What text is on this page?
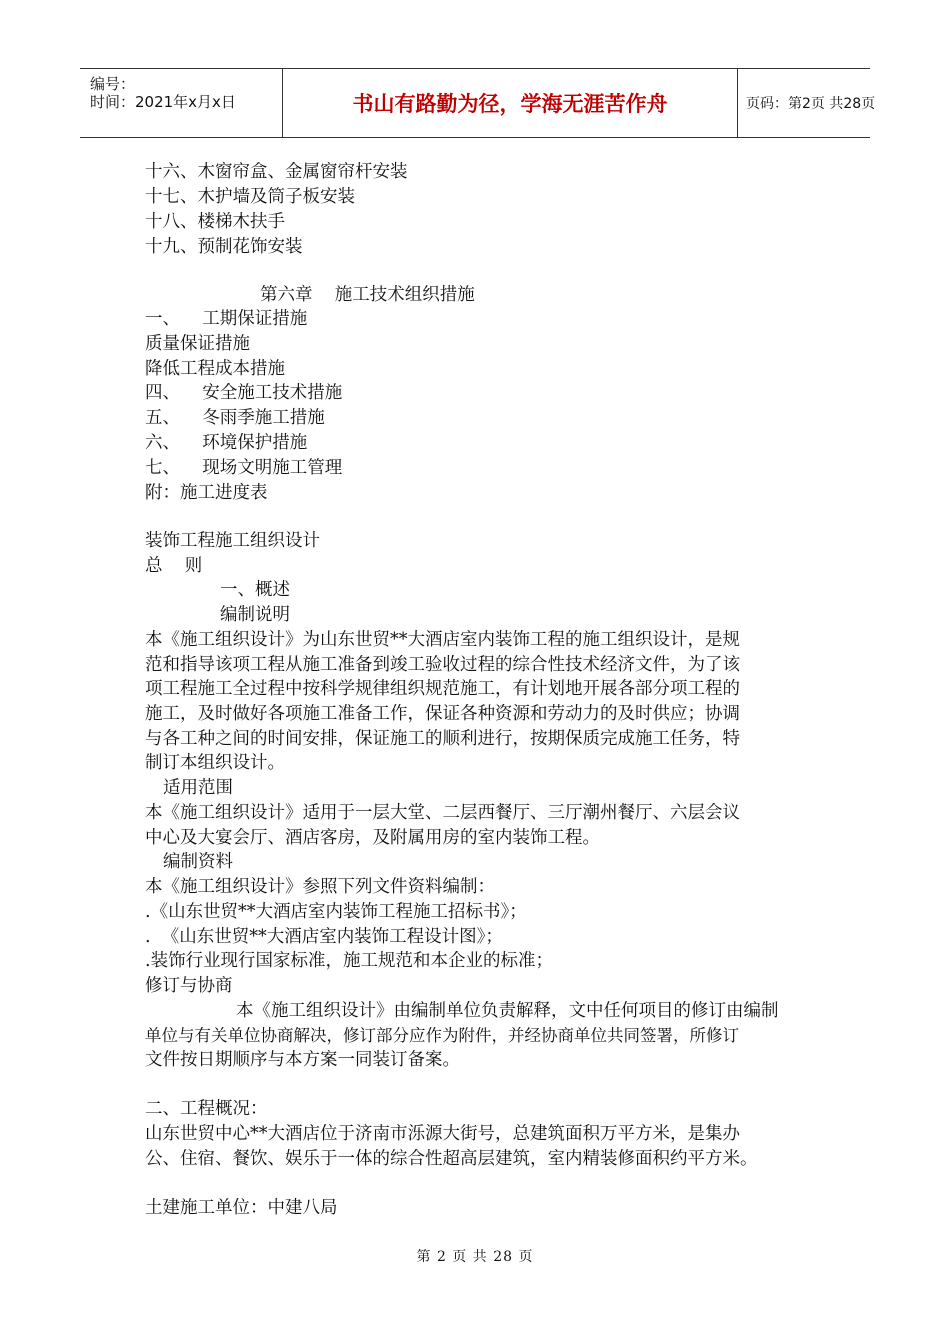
编号：
时间：2021年x月x日	书山有路勤为径，学海无涯苦作舟	页码：第2页 共28页
十六、木窗帘盒、金属窗帘杆安装
十七、木护墙及筒子板安装
十八、楼梯木扶手
十九、预制花饰安装
第六章    施工技术组织措施
一、    工期保证措施
质量保证措施
降低工程成本措施
四、    安全施工技术措施
五、    冬雨季施工措施
六、    环境保护措施
七、    现场文明施工管理
附：施工进度表
装饰工程施工组织设计
总    则
一、概述
编制说明
本《施工组织设计》为山东世贸**大酒店室内装饰工程的施工组织设计，是规
范和指导该项工程从施工准备到竣工验收过程的综合性技术经济文件，为了该
项工程施工全过程中按科学规律组织规范施工，有计划地开展各部分项工程的
施工，及时做好各项施工准备工作，保证各种资源和劳动力的及时供应；协调
与各工种之间的时间安排，保证施工的顺利进行，按期保质完成施工任务，特
制订本组织设计。
适用范围
本《施工组织设计》适用于一层大堂、二层西餐厅、三厅潮州餐厅、六层会议
中心及大宴会厅、酒店客房，及附属用房的室内装饰工程。
编制资料
本《施工组织设计》参照下列文件资料编制：
.《山东世贸**大酒店室内装饰工程施工招标书》；
.  《山东世贸**大酒店室内装饰工程设计图》；
.装饰行业现行国家标准，施工规范和本企业的标准；
修订与协商
本《施工组织设计》由编制单位负责解释，文中任何项目的修订由编制
单位与有关单位协商解决，修订部分应作为附件，并经协商单位共同签署，所修订
文件按日期顺序与本方案一同装订备案。
二、工程概况：
山东世贸中心**大酒店位于济南市泺源大街号，总建筑面积万平方米，是集办
公、住宿、餐饮、娱乐于一体的综合性超高层建筑，室内精装修面积约平方米。
土建施工单位：中建八局
第 2 页 共 28 页
